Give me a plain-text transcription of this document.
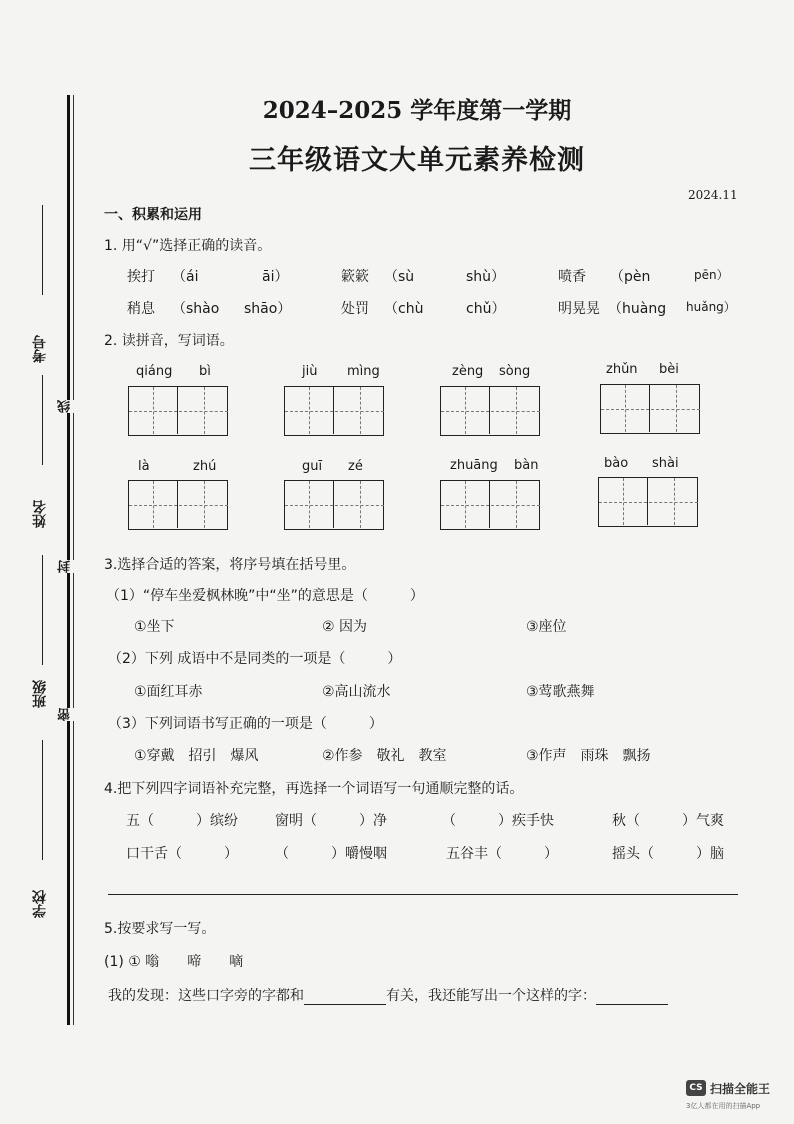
考号
姓名
班级
学校
线
封
密
2024–2025 学年度第一学期
三年级语文大单元素养检测
2024.11
一、积累和运用
1. 用“√”选择正确的读音。
挨打 （ái	āi）	簌簌 （sù	shù）	喷香 （pèn	pēn）
稍息 （shào shāo）	处罚 （chù	chǔ）	明晃晃 （huàng huǎng）
2. 读拼音，写词语。
qiáng bì	jiù mìng	zèng sòng	zhǔn bèi
là	zhú	guī zé	zhuāng bàn	bào shài
3.选择合适的答案，将序号填在括号里。
（1）“停车坐爱枫林晚”中“坐”的意思是（　　　）
①坐下	② 因为	③座位
（2）下列 成语中不是同类的一项是（　　　）
①面红耳赤	②高山流水	③莺歌燕舞
（3）下列词语书写正确的一项是（　　　）
①穿戴　招引　爆风	②作参　敬礼　教室	③作声　雨珠　飘扬
4.把下列四字词语补充完整，再选择一个词语写一句通顺完整的话。
五（　　　）缤纷	窗明（　　　）净	（　　　）疾手快	秋（　　　）气爽
口干舌（　　　）	（　　　）嚼慢咽	五谷丰（　　　）	摇头（　　　）脑
5.按要求写一写。
(1) ① 嗡　　啼　　嘀
我的发现：这些口字旁的字都和	有关，我还能写出一个这样的字：
CS 扫描全能王
3亿人都在用的扫描App
